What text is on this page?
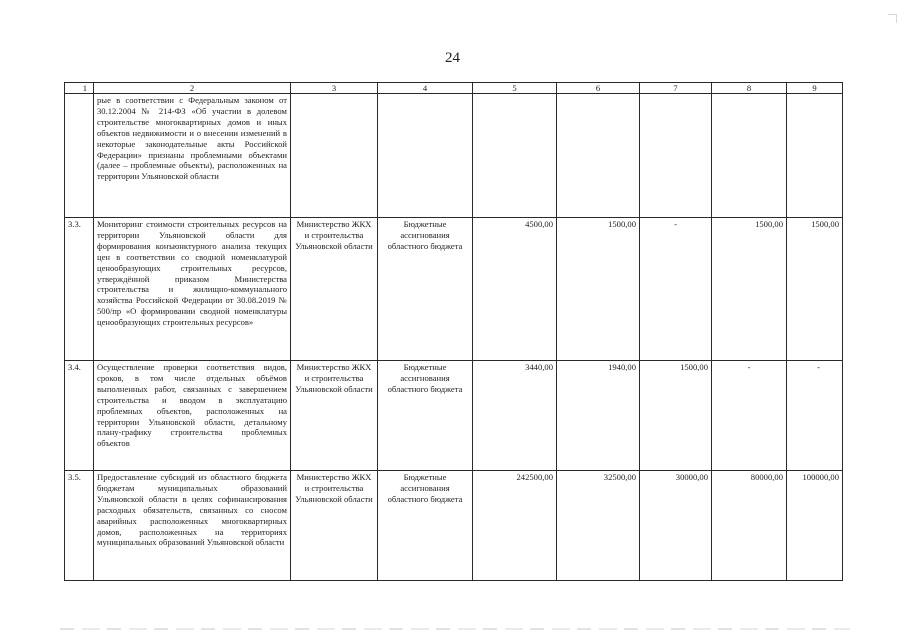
24
1	2	3	4	5	6	7	8	9
	рые в соответствии с Федеральным законом от 30.12.2004 № 214-ФЗ «Об участии в долевом строительстве многоквартирных домов и иных объектов недвижимости и о внесении изменений в некоторые законодательные акты Российской Федерации» признаны проблемными объектами (далее – проблемные объекты), расположенных на территории Ульяновской области							
3.3.	Мониторинг стоимости строительных ресурсов на территории Ульяновской области для формирования конъюнктурного анализа текущих цен в соответствии со сводной номенклатурой ценообразующих строительных ресурсов, утверждённой приказом Министерства строительства и жилищно-коммунального хозяйства Российской Федерации от 30.08.2019 № 500/пр «О формировании сводной номенклатуры ценообразующих строительных ресурсов»	Министерство ЖКХ и строительства Ульяновской области	Бюджетные ассигнования областного бюджета	4500,00	1500,00	-	1500,00	1500,00
3.4.	Осуществление проверки соответствия видов, сроков, в том числе отдельных объёмов выполненных работ, связанных с завершением строительства и вводом в эксплуатацию проблемных объектов, расположенных на территории Ульяновской области, детальному плану-графику строительства проблемных объектов	Министерство ЖКХ и строительства Ульяновской области	Бюджетные ассигнования областного бюджета	3440,00	1940,00	1500,00	-	-
3.5.	Предоставление субсидий из областного бюджета бюджетам муниципальных образований Ульяновской области в целях софинансирования расходных обязательств, связанных со сносом аварийных расположенных многоквартирных домов, расположенных на территориях муниципальных образований Ульяновской области	Министерство ЖКХ и строительства Ульяновской области	Бюджетные ассигнования областного бюджета	242500,00	32500,00	30000,00	80000,00	100000,00
